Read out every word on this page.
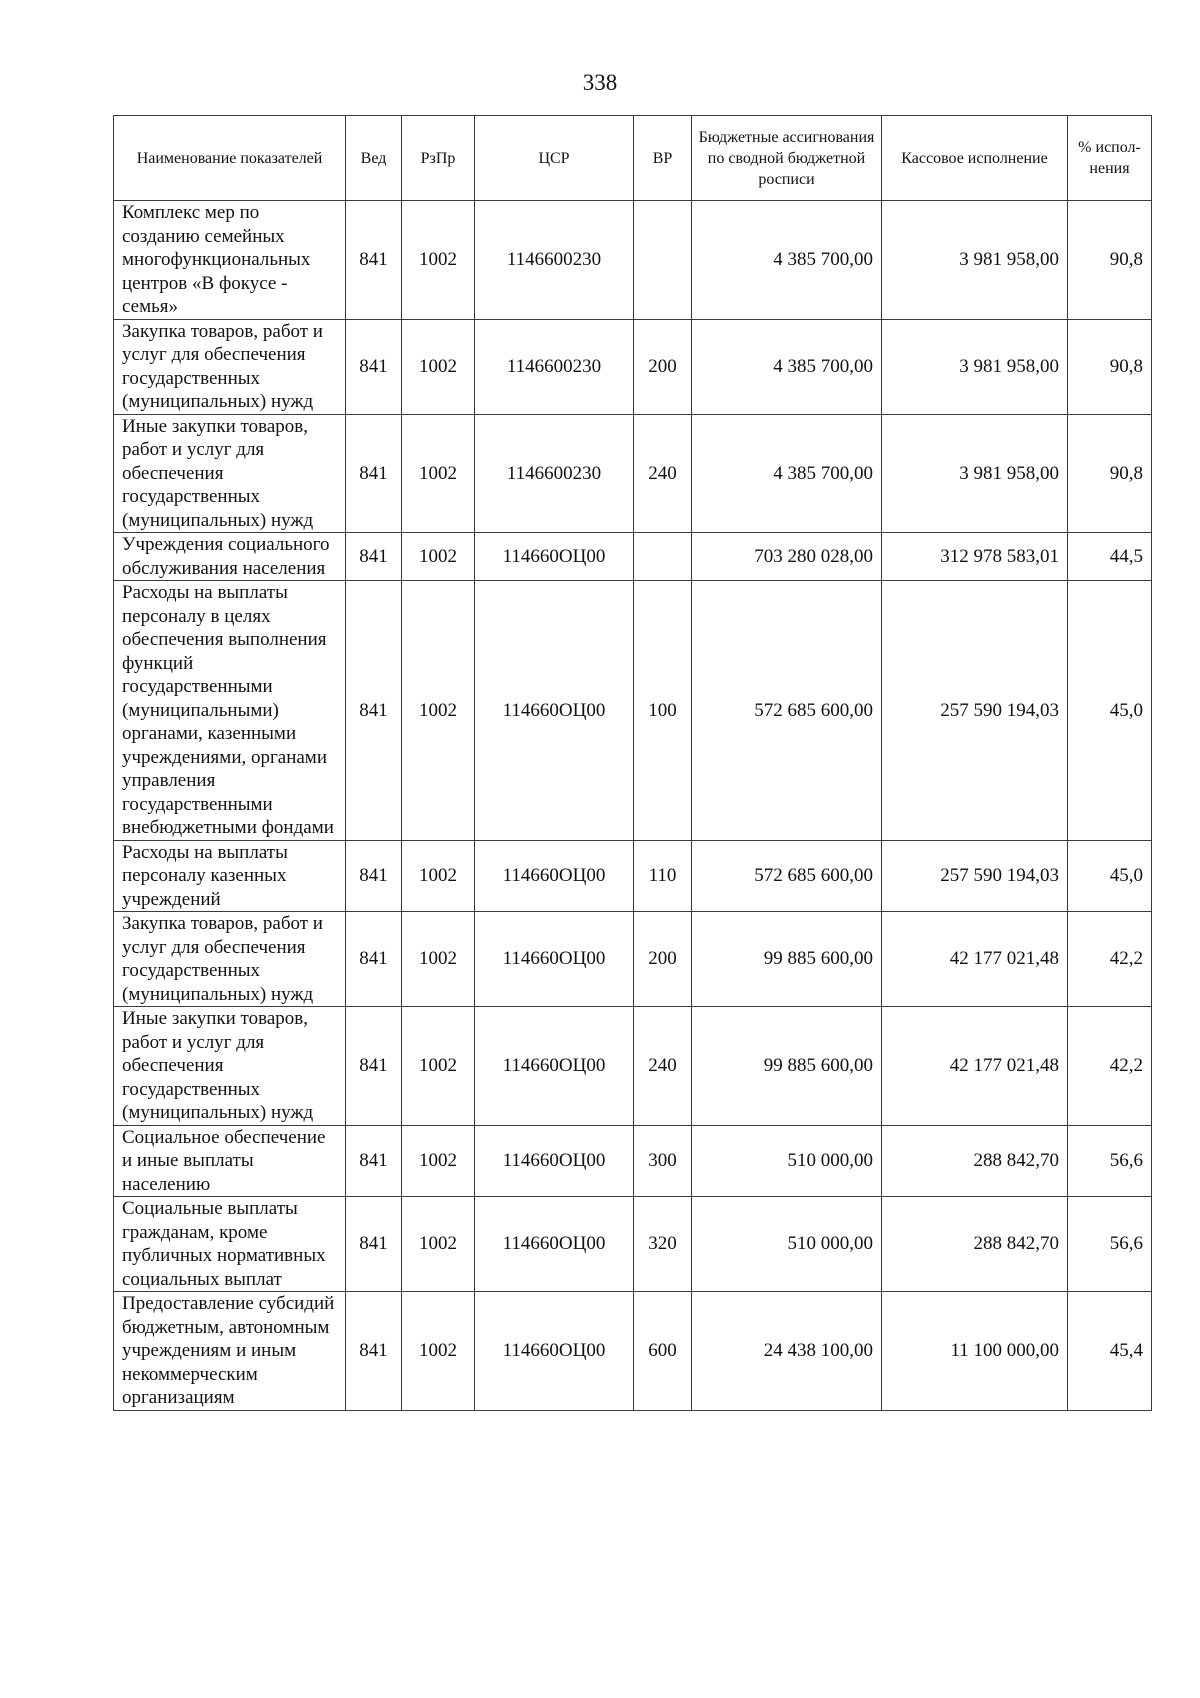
338
Наименование показателей	Вед	РзПр	ЦСР	ВР	Бюджетные ассигнования по сводной бюджетной росписи	Кассовое исполнение	% испол-нения
Комплекс мер по созданию семейных многофункциональных центров «В фокусе - семья»	841	1002	1146600230		4 385 700,00	3 981 958,00	90,8
Закупка товаров, работ и услуг для обеспечения государственных (муниципальных) нужд	841	1002	1146600230	200	4 385 700,00	3 981 958,00	90,8
Иные закупки товаров, работ и услуг для обеспечения государственных (муниципальных) нужд	841	1002	1146600230	240	4 385 700,00	3 981 958,00	90,8
Учреждения социального обслуживания населения	841	1002	114660ОЦ00		703 280 028,00	312 978 583,01	44,5
Расходы на выплаты персоналу в целях обеспечения выполнения функций государственными (муниципальными) органами, казенными учреждениями, органами управления государственными внебюджетными фондами	841	1002	114660ОЦ00	100	572 685 600,00	257 590 194,03	45,0
Расходы на выплаты персоналу казенных учреждений	841	1002	114660ОЦ00	110	572 685 600,00	257 590 194,03	45,0
Закупка товаров, работ и услуг для обеспечения государственных (муниципальных) нужд	841	1002	114660ОЦ00	200	99 885 600,00	42 177 021,48	42,2
Иные закупки товаров, работ и услуг для обеспечения государственных (муниципальных) нужд	841	1002	114660ОЦ00	240	99 885 600,00	42 177 021,48	42,2
Социальное обеспечение и иные выплаты населению	841	1002	114660ОЦ00	300	510 000,00	288 842,70	56,6
Социальные выплаты гражданам, кроме публичных нормативных социальных выплат	841	1002	114660ОЦ00	320	510 000,00	288 842,70	56,6
Предоставление субсидий бюджетным, автономным учреждениям и иным некоммерческим организациям	841	1002	114660ОЦ00	600	24 438 100,00	11 100 000,00	45,4
